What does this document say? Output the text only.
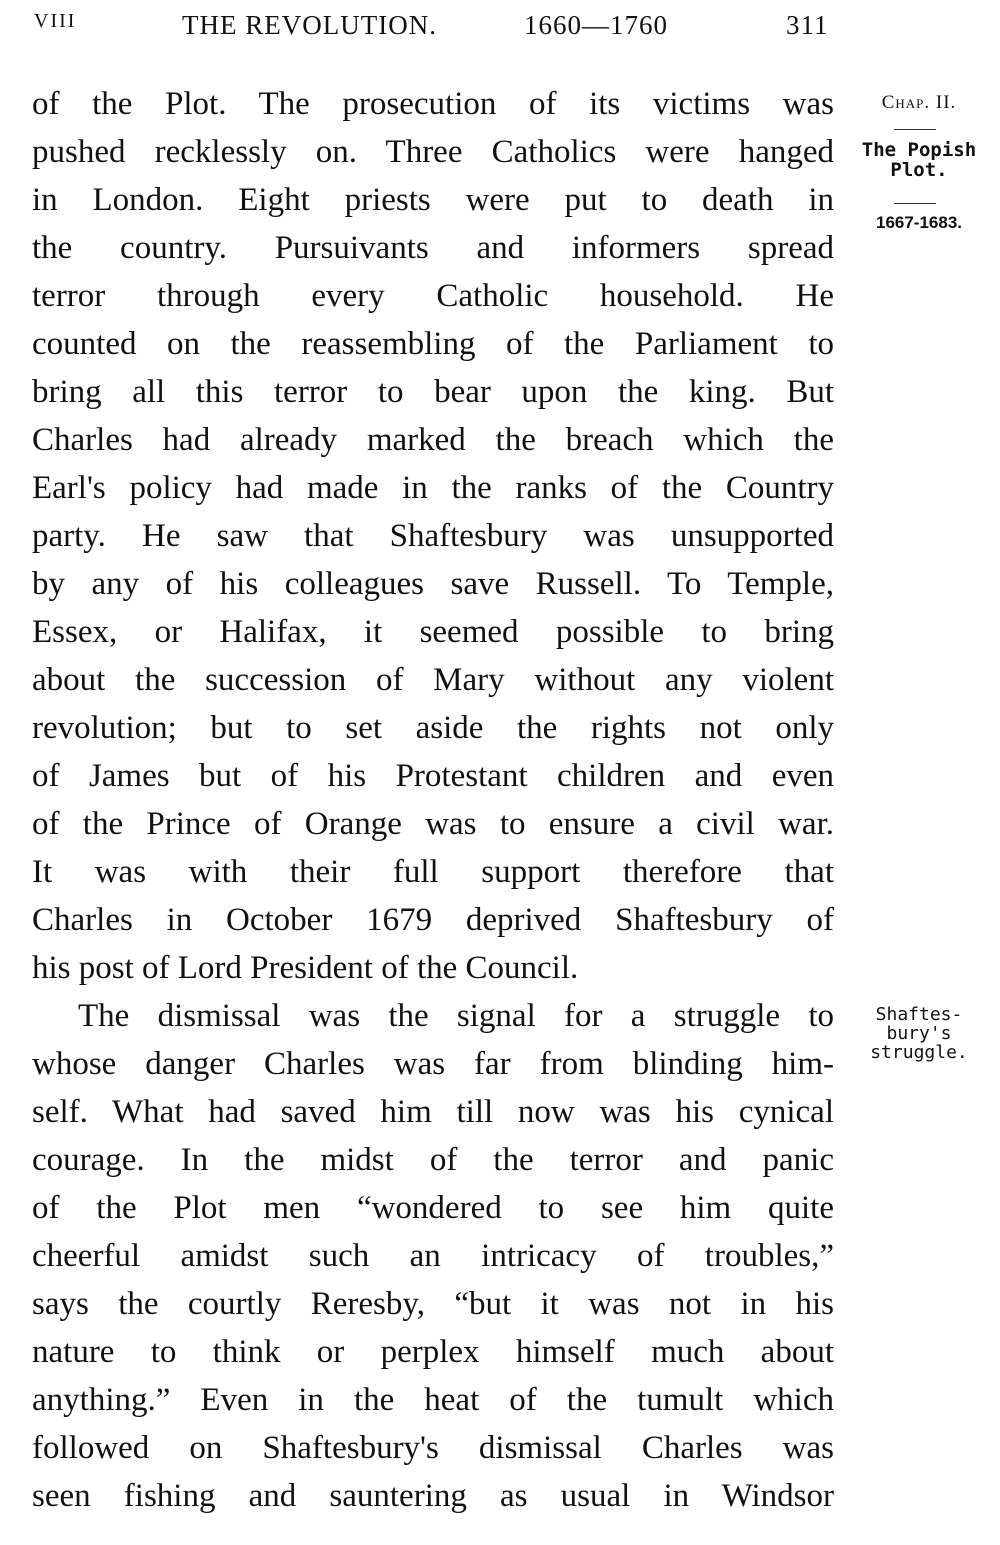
VIII	THE REVOLUTION.	1660—1760	311
of the Plot. The prosecution of its victims was
pushed recklessly on. Three Catholics were hanged
in London. Eight priests were put to death in
the country. Pursuivants and informers spread
terror through every Catholic household. He
counted on the reassembling of the Parliament to
bring all this terror to bear upon the king. But
Charles had already marked the breach which the
Earl's policy had made in the ranks of the Country
party. He saw that Shaftesbury was unsupported
by any of his colleagues save Russell. To Temple,
Essex, or Halifax, it seemed possible to bring
about the succession of Mary without any violent
revolution; but to set aside the rights not only
of James but of his Protestant children and even
of the Prince of Orange was to ensure a civil war.
It was with their full support therefore that
Charles in October 1679 deprived Shaftesbury of
his post of Lord President of the Council.
The dismissal was the signal for a struggle to
whose danger Charles was far from blinding him-
self. What had saved him till now was his cynical
courage. In the midst of the terror and panic
of the Plot men “wondered to see him quite
cheerful amidst such an intricacy of troubles,”
says the courtly Reresby, “but it was not in his
nature to think or perplex himself much about
anything.” Even in the heat of the tumult which
followed on Shaftesbury's dismissal Charles was
seen fishing and sauntering as usual in Windsor
Chap. II.
The Popish
Plot.
1667-1683.
Shaftes-
bury's
struggle.
